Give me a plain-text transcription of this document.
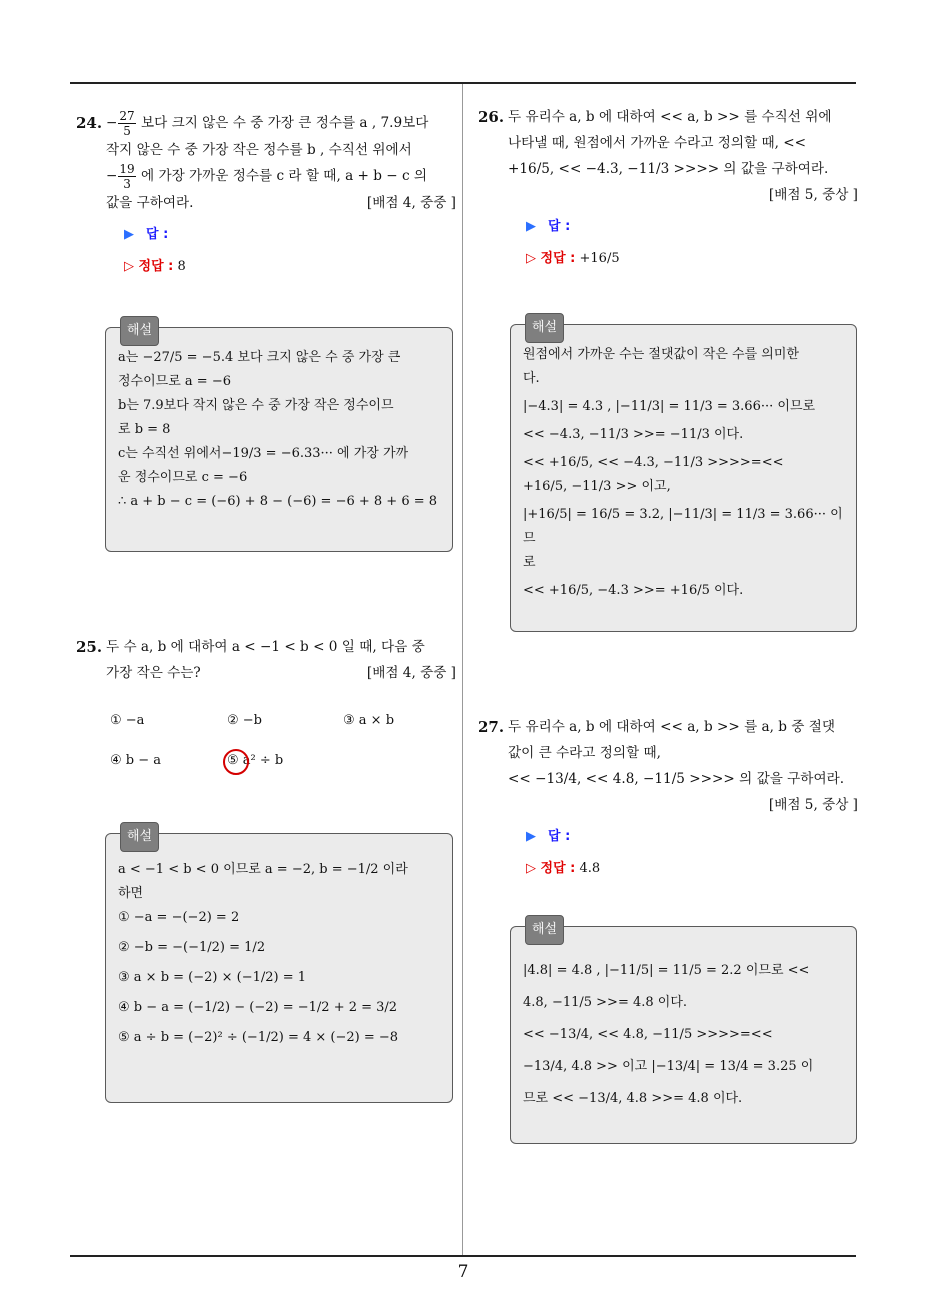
24. − $\frac{27}{5}$ 보다 크지 않은 수 중 가장 큰 정수를 a , 7.9보다
작지 않은 수 중 가장 작은 정수를 b , 수직선 위에서
− $\frac{19}{3}$ 에 가장 가까운 정수를 c 라 할 때, a + b − c 의
값을 구하여라.	[배점 4, 중중 ]
▶ 답 :
▷ 정답 : 8
해설
a는 −27/5 = −5.4 보다 크지 않은 수 중 가장 큰
정수이므로 a = −6
b는 7.9보다 작지 않은 수 중 가장 작은 정수이므
로 b = 8
c는 수직선 위에서−19/3 = −6.33··· 에 가장 가까
운 정수이므로 c = −6
∴ a + b − c = (−6) + 8 − (−6) = −6 + 8 + 6 = 8
25. 두 수 a, b 에 대하여 a < −1 < b < 0 일 때, 다음 중
가장 작은 수는?	[배점 4, 중중 ]
① −a	② −b	③ a × b
④ b − a	⑤ a² ÷ b
해설
a < −1 < b < 0 이므로 a = −2, b = −1/2 이라
하면
① −a = −(−2) = 2
② −b = −(−1/2) = 1/2
③ a × b = (−2) × (−1/2) = 1
④ b − a = (−1/2) − (−2) = −1/2 + 2 = 3/2
⑤ a ÷ b = (−2)² ÷ (−1/2) = 4 × (−2) = −8
26. 두 유리수 a, b 에 대하여 << a, b >> 를 수직선 위에
나타낼 때, 원점에서 가까운 수라고 정의할 때, <<
+16/5, << −4.3, −11/3 >>>> 의 값을 구하여라.
[배점 5, 중상 ]
▶ 답 :
▷ 정답 : +16/5
해설
원점에서 가까운 수는 절댓값이 작은 수를 의미한
다.
|−4.3| = 4.3 , |−11/3| = 11/3 = 3.66··· 이므로
<< −4.3, −11/3 >>= −11/3 이다.
<< +16/5, << −4.3, −11/3 >>>>=<<
+16/5, −11/3 >> 이고,
|+16/5| = 16/5 = 3.2, |−11/3| = 11/3 = 3.66··· 이므
로
<< +16/5, −4.3 >>= +16/5 이다.
27. 두 유리수 a, b 에 대하여 << a, b >> 를 a, b 중 절댓
값이 큰 수라고 정의할 때,
<< −13/4, << 4.8, −11/5 >>>> 의 값을 구하여라.
[배점 5, 중상 ]
▶ 답 :
▷ 정답 : 4.8
해설
|4.8| = 4.8 , |−11/5| = 11/5 = 2.2 이므로 <<
4.8, −11/5 >>= 4.8 이다.
<< −13/4, << 4.8, −11/5 >>>>=<<
−13/4, 4.8 >> 이고 |−13/4| = 13/4 = 3.25 이
므로 << −13/4, 4.8 >>= 4.8 이다.
7
